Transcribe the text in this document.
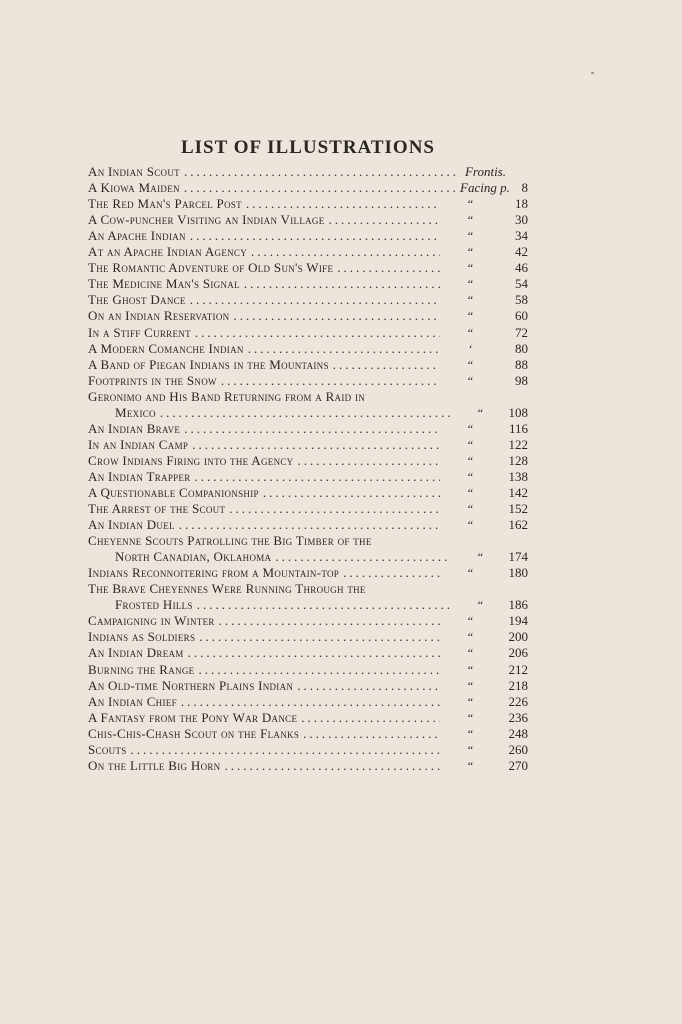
LIST OF ILLUSTRATIONS
An Indian Scout .....	Frontis.
A Kiowa Maiden .....	Facing p. 8
The Red Man's Parcel Post .....	“	18
A Cow-puncher Visiting an Indian Village .....	“	30
An Apache Indian .....	“	34
At an Apache Indian Agency .....	“	42
The Romantic Adventure of Old Sun's Wife .....	“	46
The Medicine Man's Signal .....	“	54
The Ghost Dance .....	“	58
On an Indian Reservation .....	“	60
In a Stiff Current .....	“	72
A Modern Comanche Indian .....	‘	80
A Band of Piegan Indians in the Mountains .....	“	88
Footprints in the Snow .....	“	98
Geronimo and His Band Returning from a Raid in
Mexico .....	“	108
An Indian Brave .....	“	116
In an Indian Camp .....	“	122
Crow Indians Firing into the Agency .....	“	128
An Indian Trapper .....	“	138
A Questionable Companionship .....	“	142
The Arrest of the Scout .....	“	152
An Indian Duel .....	“	162
Cheyenne Scouts Patrolling the Big Timber of the
North Canadian, Oklahoma .....	“	174
Indians Reconnoitering from a Mountain-top .....	“	180
The Brave Cheyennes Were Running Through the
Frosted Hills .....	“	186
Campaigning in Winter .....	“	194
Indians as Soldiers .....	“	200
An Indian Dream .....	“	206
Burning the Range .....	“	212
An Old-time Northern Plains Indian .....	“	218
An Indian Chief .....	“	226
A Fantasy from the Pony War Dance .....	“	236
Chis-Chis-Chash Scout on the Flanks .....	“	248
Scouts .....	“	260
On the Little Big Horn .....	“	270
